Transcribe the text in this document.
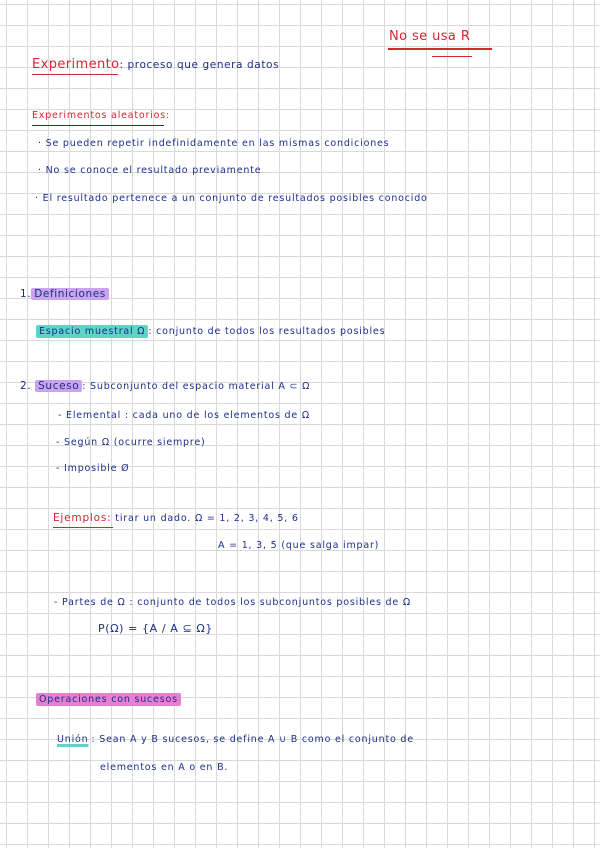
No se usa R
Experimento: proceso que genera datos
Experimentos aleatorios:
· Se pueden repetir indefinidamente en las mismas condiciones
· No se conoce el resultado previamente
· El resultado pertenece a un conjunto de resultados posibles conocido
1. Definiciones
Espacio muestral Ω : conjunto de todos los resultados posibles
2. Suceso : Subconjunto del espacio material A ⊂ Ω
- Elemental : cada uno de los elementos de Ω
- Según Ω (ocurre siempre)
- Imposible Ø
Ejemplos: tirar un dado. Ω = 1, 2, 3, 4, 5, 6
A = 1, 3, 5 (que salga impar)
- Partes de Ω : conjunto de todos los subconjuntos posibles de Ω
P(Ω) = {A / A ⊆ Ω}
Operaciones con sucesos
Unión : Sean A y B sucesos, se define A ∪ B como el conjunto de
elementos en A o en B.
